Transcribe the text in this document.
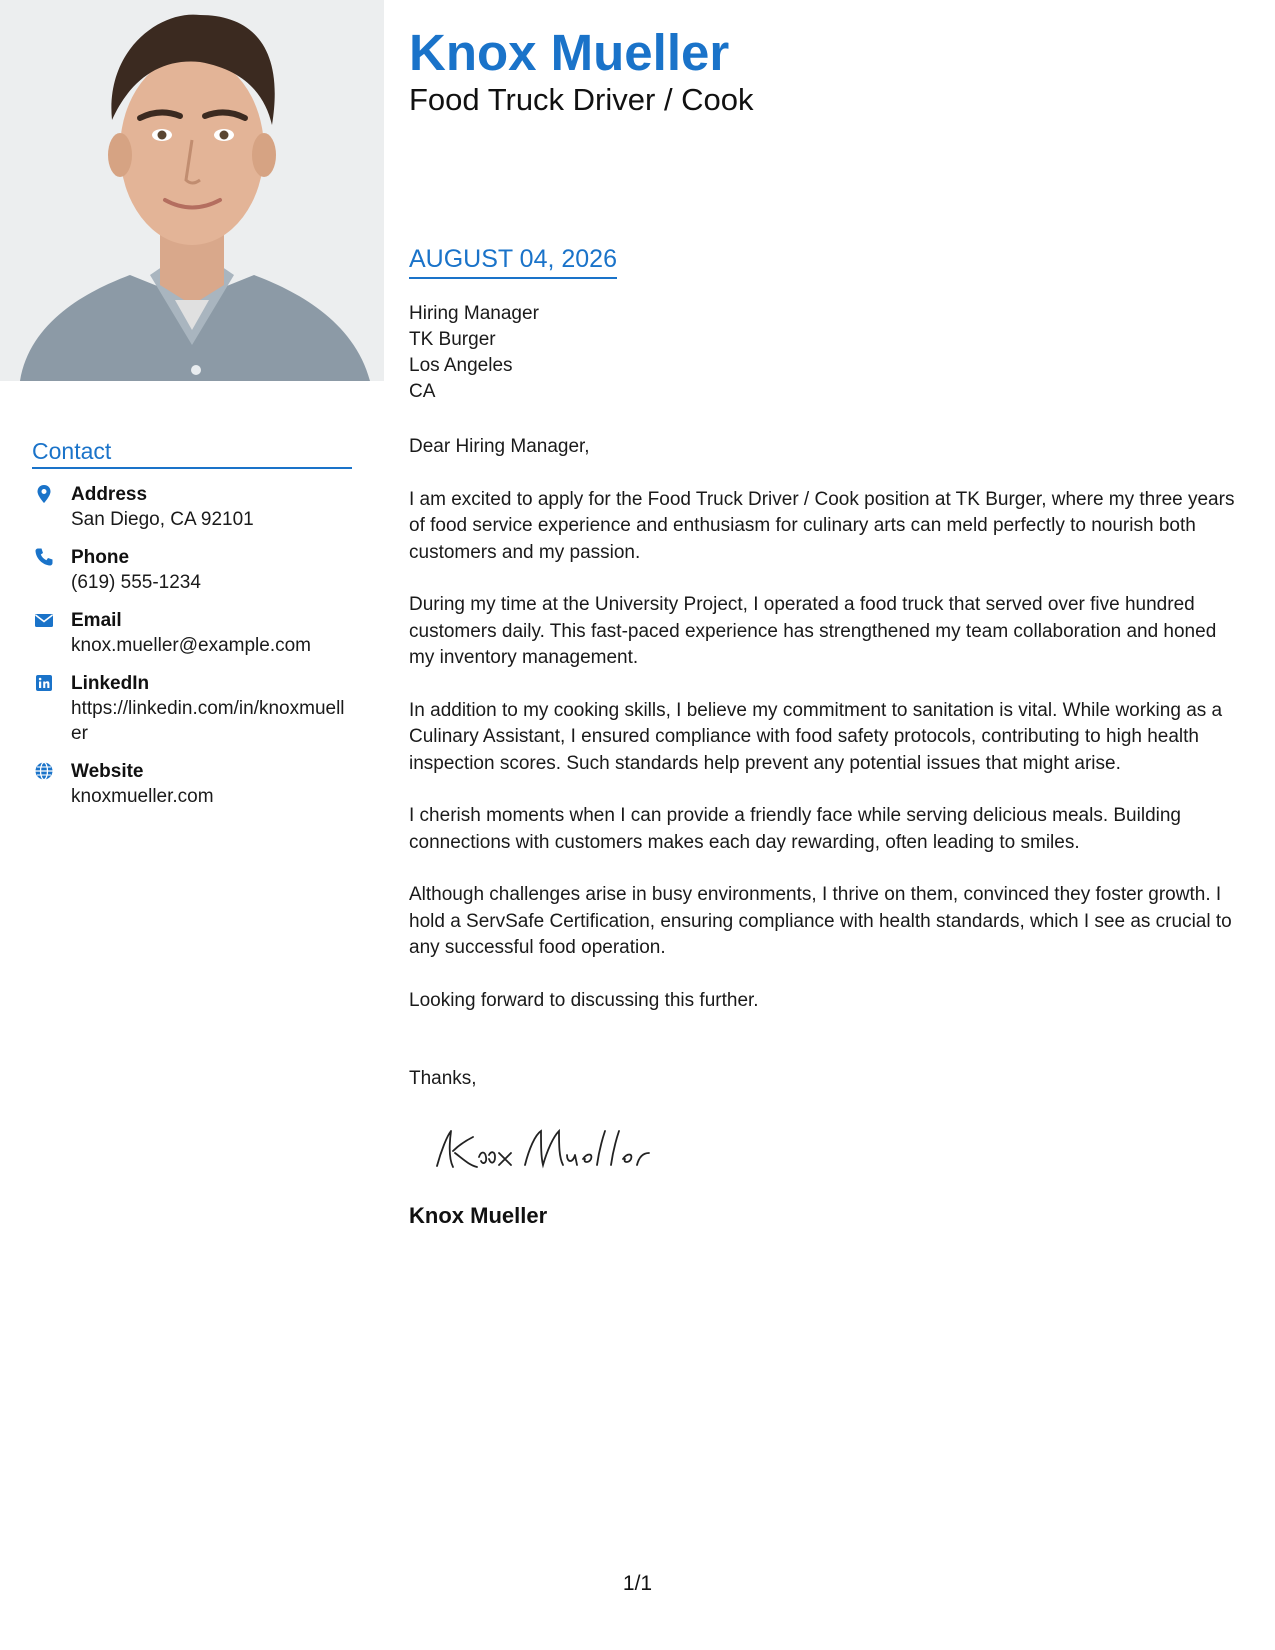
Contact
Address
San Diego, CA 92101
Phone
(619) 555-1234
Email
knox.mueller@example.com
LinkedIn
https://linkedin.com/in/knoxmueller
Website
knoxmueller.com
Knox Mueller
Food Truck Driver / Cook
AUGUST 04, 2026
Hiring Manager
TK Burger
Los Angeles
CA

Dear Hiring Manager,

I am excited to apply for the Food Truck Driver / Cook position at TK Burger, where my three years of food service experience and enthusiasm for culinary arts can meld perfectly to nourish both customers and my passion.

During my time at the University Project, I operated a food truck that served over five hundred customers daily. This fast-paced experience has strengthened my team collaboration and honed my inventory management.

In addition to my cooking skills, I believe my commitment to sanitation is vital. While working as a Culinary Assistant, I ensured compliance with food safety protocols, contributing to high health inspection scores. Such standards help prevent any potential issues that might arise.

I cherish moments when I can provide a friendly face while serving delicious meals. Building connections with customers makes each day rewarding, often leading to smiles.

Although challenges arise in busy environments, I thrive on them, convinced they foster growth. I hold a ServSafe Certification, ensuring compliance with health standards, which I see as crucial to any successful food operation.

Looking forward to discussing this further.

Thanks,

Knox Mueller
1/1
